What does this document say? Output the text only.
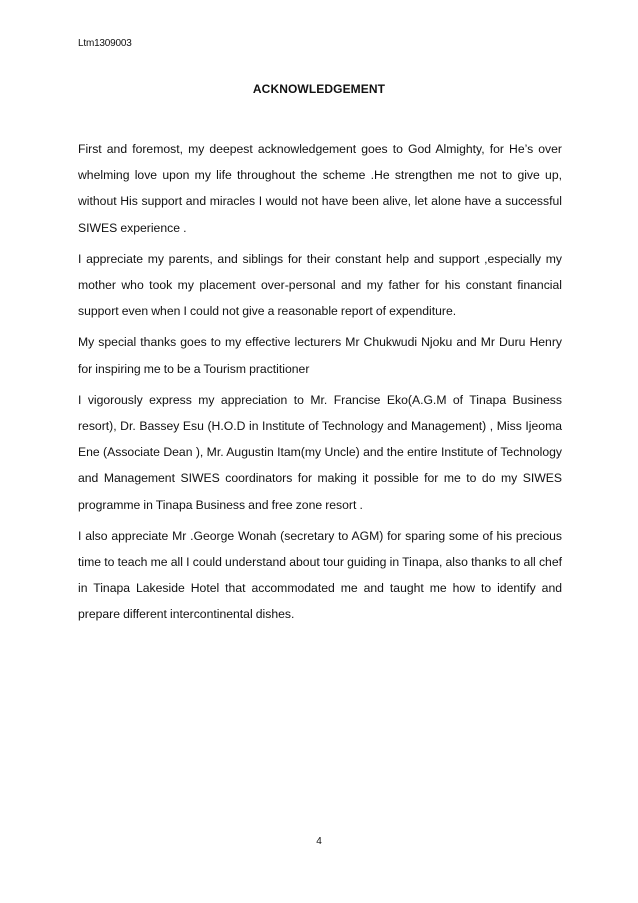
Ltm1309003
ACKNOWLEDGEMENT

First and foremost, my deepest acknowledgement goes to God Almighty, for He’s over whelming love upon my life throughout the scheme .He strengthen me not to give up, without His support and miracles I would not have been alive, let alone have a successful SIWES experience .

I appreciate my parents, and siblings for their constant help and support ,especially my mother who took my placement over-personal and my father for his constant financial support even when I could not give a reasonable report of expenditure.

My special thanks goes to my effective lecturers Mr Chukwudi Njoku and Mr Duru Henry for inspiring me to be a Tourism practitioner

I vigorously express my appreciation to Mr. Francise Eko(A.G.M of Tinapa Business resort), Dr. Bassey Esu (H.O.D in Institute of Technology and Management) , Miss Ijeoma Ene (Associate Dean ), Mr. Augustin Itam(my Uncle) and the entire Institute of Technology and Management SIWES coordinators for making it possible for me to do my SIWES programme in Tinapa Business and free zone resort .

I also appreciate Mr .George Wonah (secretary to AGM) for sparing some of his precious time to teach me all I could understand about tour guiding in Tinapa, also thanks to all chef in Tinapa Lakeside Hotel that accommodated me and taught me how to identify and prepare different intercontinental dishes.

4
